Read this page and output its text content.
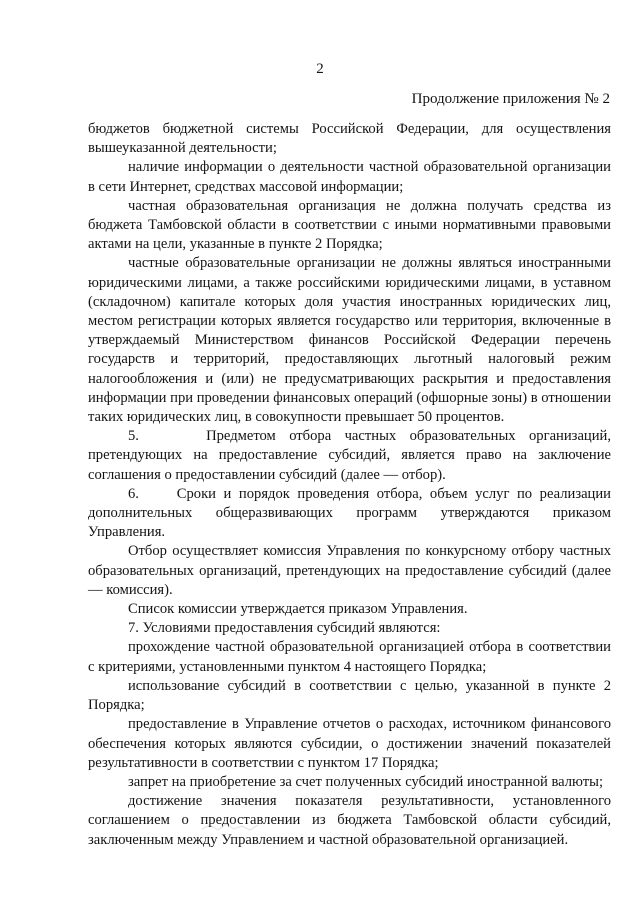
2
Продолжение приложения № 2

бюджетов бюджетной системы Российской Федерации, для осуществления вышеуказанной деятельности;

наличие информации о деятельности частной образовательной организации в сети Интернет, средствах массовой информации;

частная образовательная организация не должна получать средства из бюджета Тамбовской области в соответствии с иными нормативными правовыми актами на цели, указанные в пункте 2 Порядка;

частные образовательные организации не должны являться иностранными юридическими лицами, а также российскими юридическими лицами, в уставном (складочном) капитале которых доля участия иностранных юридических лиц, местом регистрации которых является государство или территория, включенные в утверждаемый Министерством финансов Российской Федерации перечень государств и территорий, предоставляющих льготный налоговый режим налогообложения и (или) не предусматривающих раскрытия и предоставления информации при проведении финансовых операций (офшорные зоны) в отношении таких юридических лиц, в совокупности превышает 50 процентов.

5.     Предметом отбора частных образовательных организаций, претендующих на предоставление субсидий, является право на заключение соглашения о предоставлении субсидий (далее — отбор).

6.     Сроки и порядок проведения отбора, объем услуг по реализации дополнительных общеразвивающих программ утверждаются приказом Управления.

Отбор осуществляет комиссия Управления по конкурсному отбору частных образовательных организаций, претендующих на предоставление субсидий (далее — комиссия).

Список комиссии утверждается приказом Управления.

7. Условиями предоставления субсидий являются:

прохождение частной образовательной организацией отбора в соответствии с критериями, установленными пунктом 4 настоящего Порядка;

использование субсидий в соответствии с целью, указанной в пункте 2 Порядка;

предоставление в Управление отчетов о расходах, источником финансового обеспечения которых являются субсидии, о достижении значений показателей результативности в соответствии с пунктом 17 Порядка;

запрет на приобретение за счет полученных субсидий иностранной валюты;

достижение значения показателя результативности, установленного соглашением о предоставлении из бюджета Тамбовской области субсидий, заключенным между Управлением и частной образовательной организацией.
